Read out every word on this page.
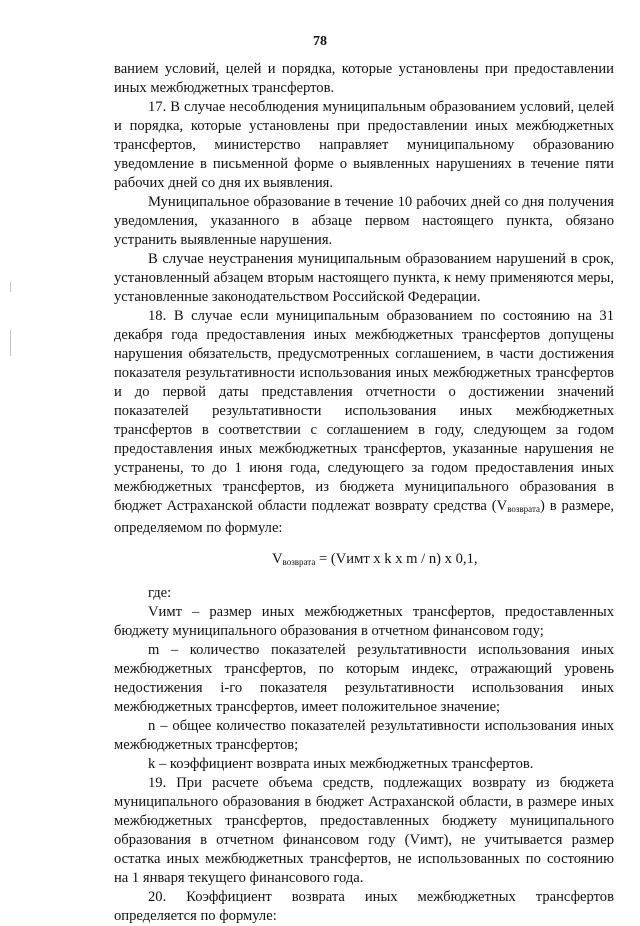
78

ванием условий, целей и порядка, которые установлены при предоставлении иных межбюджетных трансфертов.

17. В случае несоблюдения муниципальным образованием условий, целей и порядка, которые установлены при предоставлении иных межбюджетных трансфертов, министерство направляет муниципальному образованию уведомление в письменной форме о выявленных нарушениях в течение пяти рабочих дней со дня их выявления.

Муниципальное образование в течение 10 рабочих дней со дня получения уведомления, указанного в абзаце первом настоящего пункта, обязано устранить выявленные нарушения.

В случае неустранения муниципальным образованием нарушений в срок, установленный абзацем вторым настоящего пункта, к нему применяются меры, установленные законодательством Российской Федерации.

18. В случае если муниципальным образованием по состоянию на 31 декабря года предоставления иных межбюджетных трансфертов допущены нарушения обязательств, предусмотренных соглашением, в части достижения показателя результативности использования иных межбюджетных трансфертов и до первой даты представления отчетности о достижении значений показателей результативности использования иных межбюджетных трансфертов в соответствии с соглашением в году, следующем за годом предоставления иных межбюджетных трансфертов, указанные нарушения не устранены, то до 1 июня года, следующего за годом предоставления иных межбюджетных трансфертов, из бюджета муниципального образования в бюджет Астраханской области подлежат возврату средства $(V_{возврата})$ в размере, определяемом по формуле:

$V_{возврата}$ = (Vимт x k x m / n) x 0,1,

где:

Vимт – размер иных межбюджетных трансфертов, предоставленных бюджету муниципального образования в отчетном финансовом году;

m – количество показателей результативности использования иных межбюджетных трансфертов, по которым индекс, отражающий уровень недостижения i-го показателя результативности использования иных межбюджетных трансфертов, имеет положительное значение;

n – общее количество показателей результативности использования иных межбюджетных трансфертов;

k – коэффициент возврата иных межбюджетных трансфертов.

19. При расчете объема средств, подлежащих возврату из бюджета муниципального образования в бюджет Астраханской области, в размере иных межбюджетных трансфертов, предоставленных бюджету муниципального образования в отчетном финансовом году (Vимт), не учитывается размер остатка иных межбюджетных трансфертов, не использованных по состоянию на 1 января текущего финансового года.

20. Коэффициент возврата иных межбюджетных трансфертов определяется по формуле:
